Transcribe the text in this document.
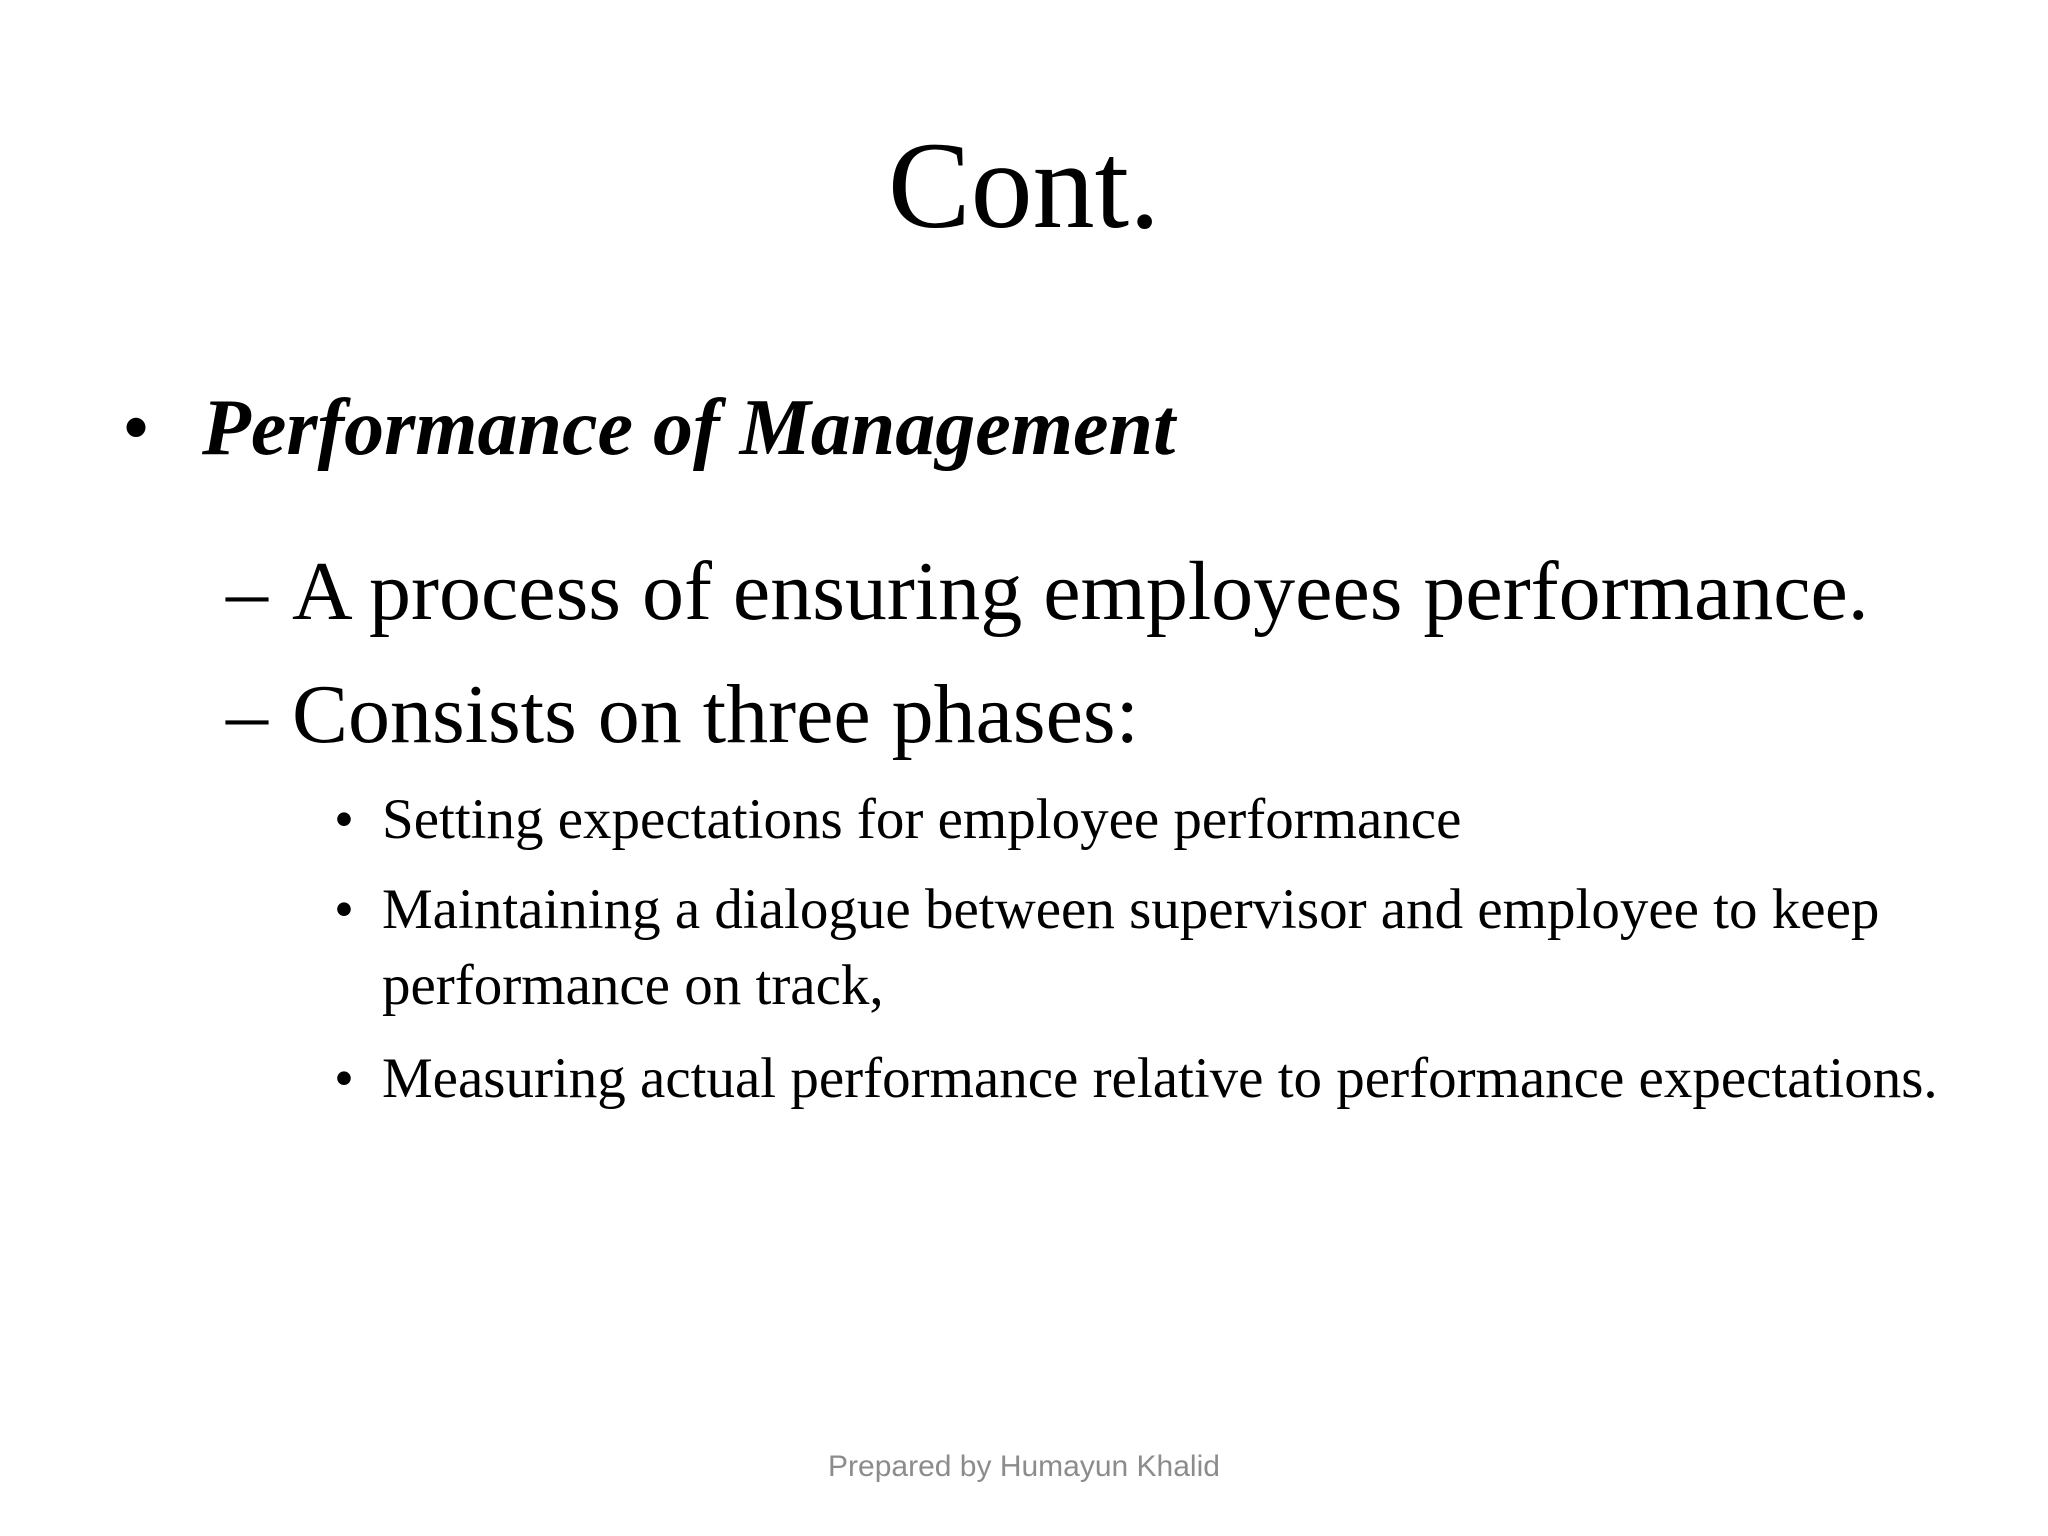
Cont.
• Performance of Management
– A process of ensuring employees performance.
– Consists on three phases:
• Setting expectations for employee performance
• Maintaining a dialogue between supervisor and employee to keep performance on track,
• Measuring actual performance relative to performance expectations.
Prepared by Humayun Khalid
